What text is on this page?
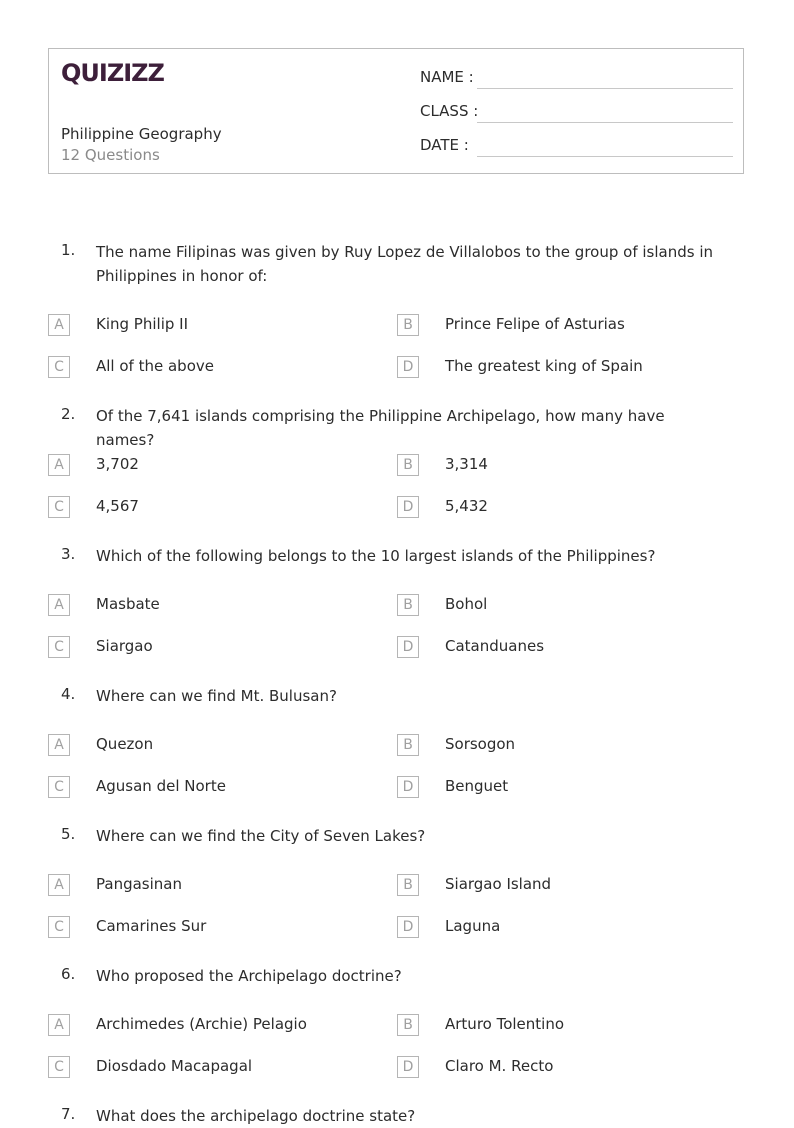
QUIZIZZ
Philippine Geography
12 Questions
NAME :
CLASS :
DATE :
1. The name Filipinas was given by Ruy Lopez de Villalobos to the group of islands in Philippines in honor of:
A	King Philip II	B	Prince Felipe of Asturias
C	All of the above	D	The greatest king of Spain
2. Of the 7,641 islands comprising the Philippine Archipelago, how many have names?
A	3,702	B	3,314
C	4,567	D	5,432
3. Which of the following belongs to the 10 largest islands of the Philippines?
A	Masbate	B	Bohol
C	Siargao	D	Catanduanes
4. Where can we find Mt. Bulusan?
A	Quezon	B	Sorsogon
C	Agusan del Norte	D	Benguet
5. Where can we find the City of Seven Lakes?
A	Pangasinan	B	Siargao Island
C	Camarines Sur	D	Laguna
6. Who proposed the Archipelago doctrine?
A	Archimedes (Archie) Pelagio	B	Arturo Tolentino
C	Diosdado Macapagal	D	Claro M. Recto
7. What does the archipelago doctrine state?
